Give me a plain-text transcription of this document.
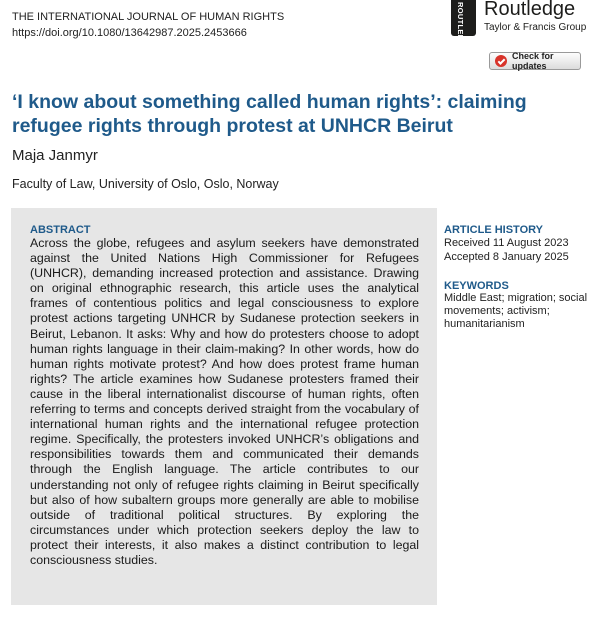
THE INTERNATIONAL JOURNAL OF HUMAN RIGHTS
https://doi.org/10.1080/13642987.2025.2453666	ROUTLEDGE Routledge
Taylor & Francis Group
Check for updates
‘I know about something called human rights’: claiming refugee rights through protest at UNHCR Beirut
Maja Janmyr
Faculty of Law, University of Oslo, Oslo, Norway
ABSTRACT

Across the globe, refugees and asylum seekers have demonstrated against the United Nations High Commissioner for Refugees (UNHCR), demanding increased protection and assistance. Drawing on original ethnographic research, this article uses the analytical frames of contentious politics and legal consciousness to explore protest actions targeting UNHCR by Sudanese protection seekers in Beirut, Lebanon. It asks: Why and how do protesters choose to adopt human rights language in their claim-making? In other words, how do human rights motivate protest? And how does protest frame human rights? The article examines how Sudanese protesters framed their cause in the liberal internationalist discourse of human rights, often referring to terms and concepts derived straight from the vocabulary of international human rights and the international refugee protection regime. Specifically, the protesters invoked UNHCR’s obligations and responsibilities towards them and communicated their demands through the English language. The article contributes to our understanding not only of refugee rights claiming in Beirut specifically but also of how subaltern groups more generally are able to mobilise outside of traditional political structures. By exploring the circumstances under which protection seekers deploy the law to protect their interests, it also makes a distinct contribution to legal consciousness studies.

ARTICLE HISTORY
Received 11 August 2023
Accepted 8 January 2025
KEYWORDS
Middle East; migration; social movements; activism; humanitarianism
